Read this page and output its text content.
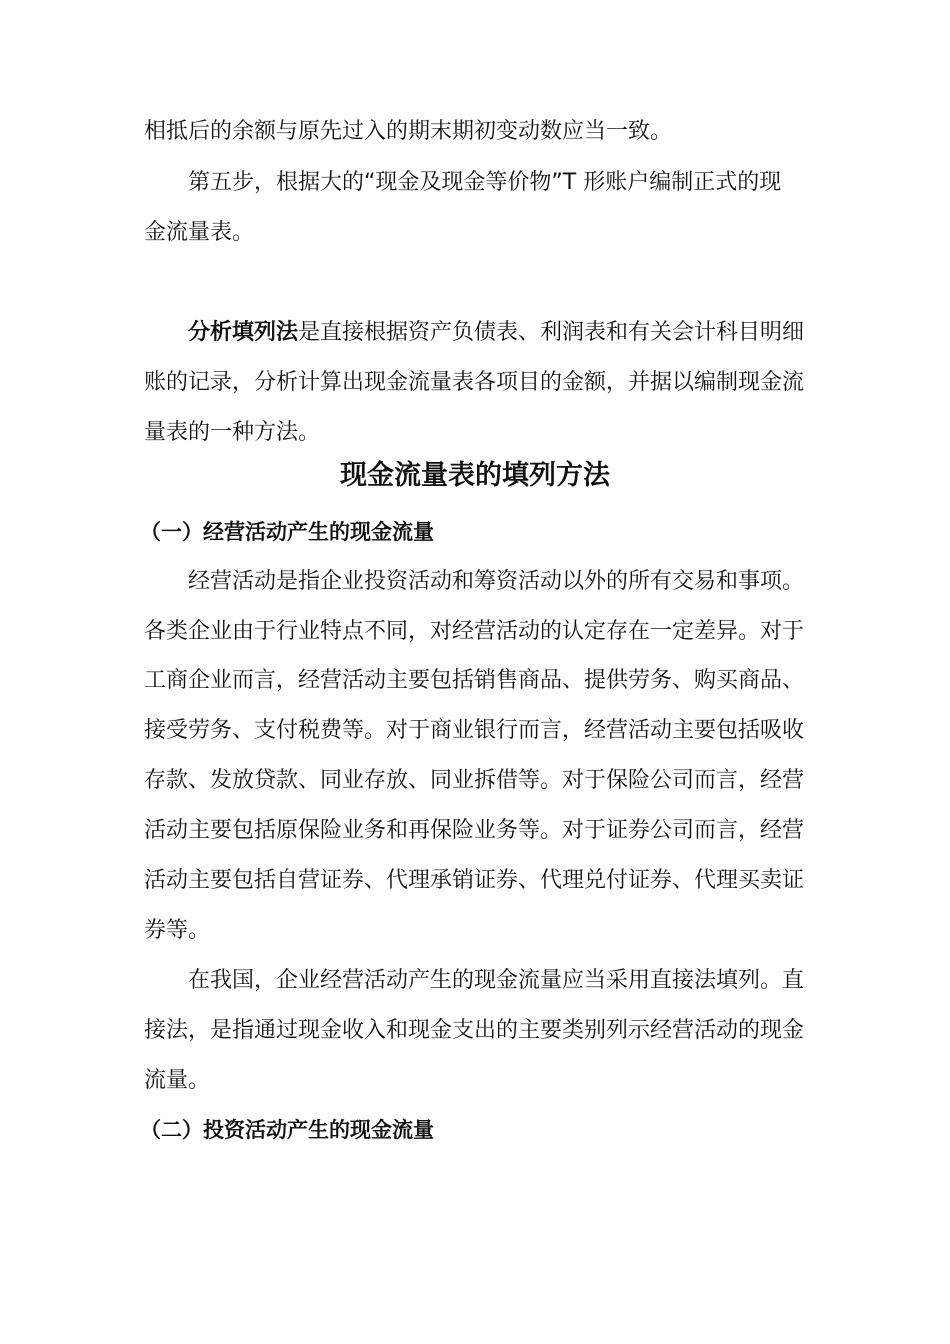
相抵后的余额与原先过入的期末期初变动数应当一致。
第五步，根据大的“现金及现金等价物”T 形账户编制正式的现
金流量表。
分析填列法是直接根据资产负债表、利润表和有关会计科目明细
账的记录，分析计算出现金流量表各项目的金额，并据以编制现金流
量表的一种方法。
现金流量表的填列方法
（一）经营活动产生的现金流量
经营活动是指企业投资活动和筹资活动以外的所有交易和事项。
各类企业由于行业特点不同，对经营活动的认定存在一定差异。对于
工商企业而言，经营活动主要包括销售商品、提供劳务、购买商品、
接受劳务、支付税费等。对于商业银行而言，经营活动主要包括吸收
存款、发放贷款、同业存放、同业拆借等。对于保险公司而言，经营
活动主要包括原保险业务和再保险业务等。对于证券公司而言，经营
活动主要包括自营证券、代理承销证券、代理兑付证券、代理买卖证
券等。
在我国，企业经营活动产生的现金流量应当采用直接法填列。直
接法，是指通过现金收入和现金支出的主要类别列示经营活动的现金
流量。
（二）投资活动产生的现金流量
